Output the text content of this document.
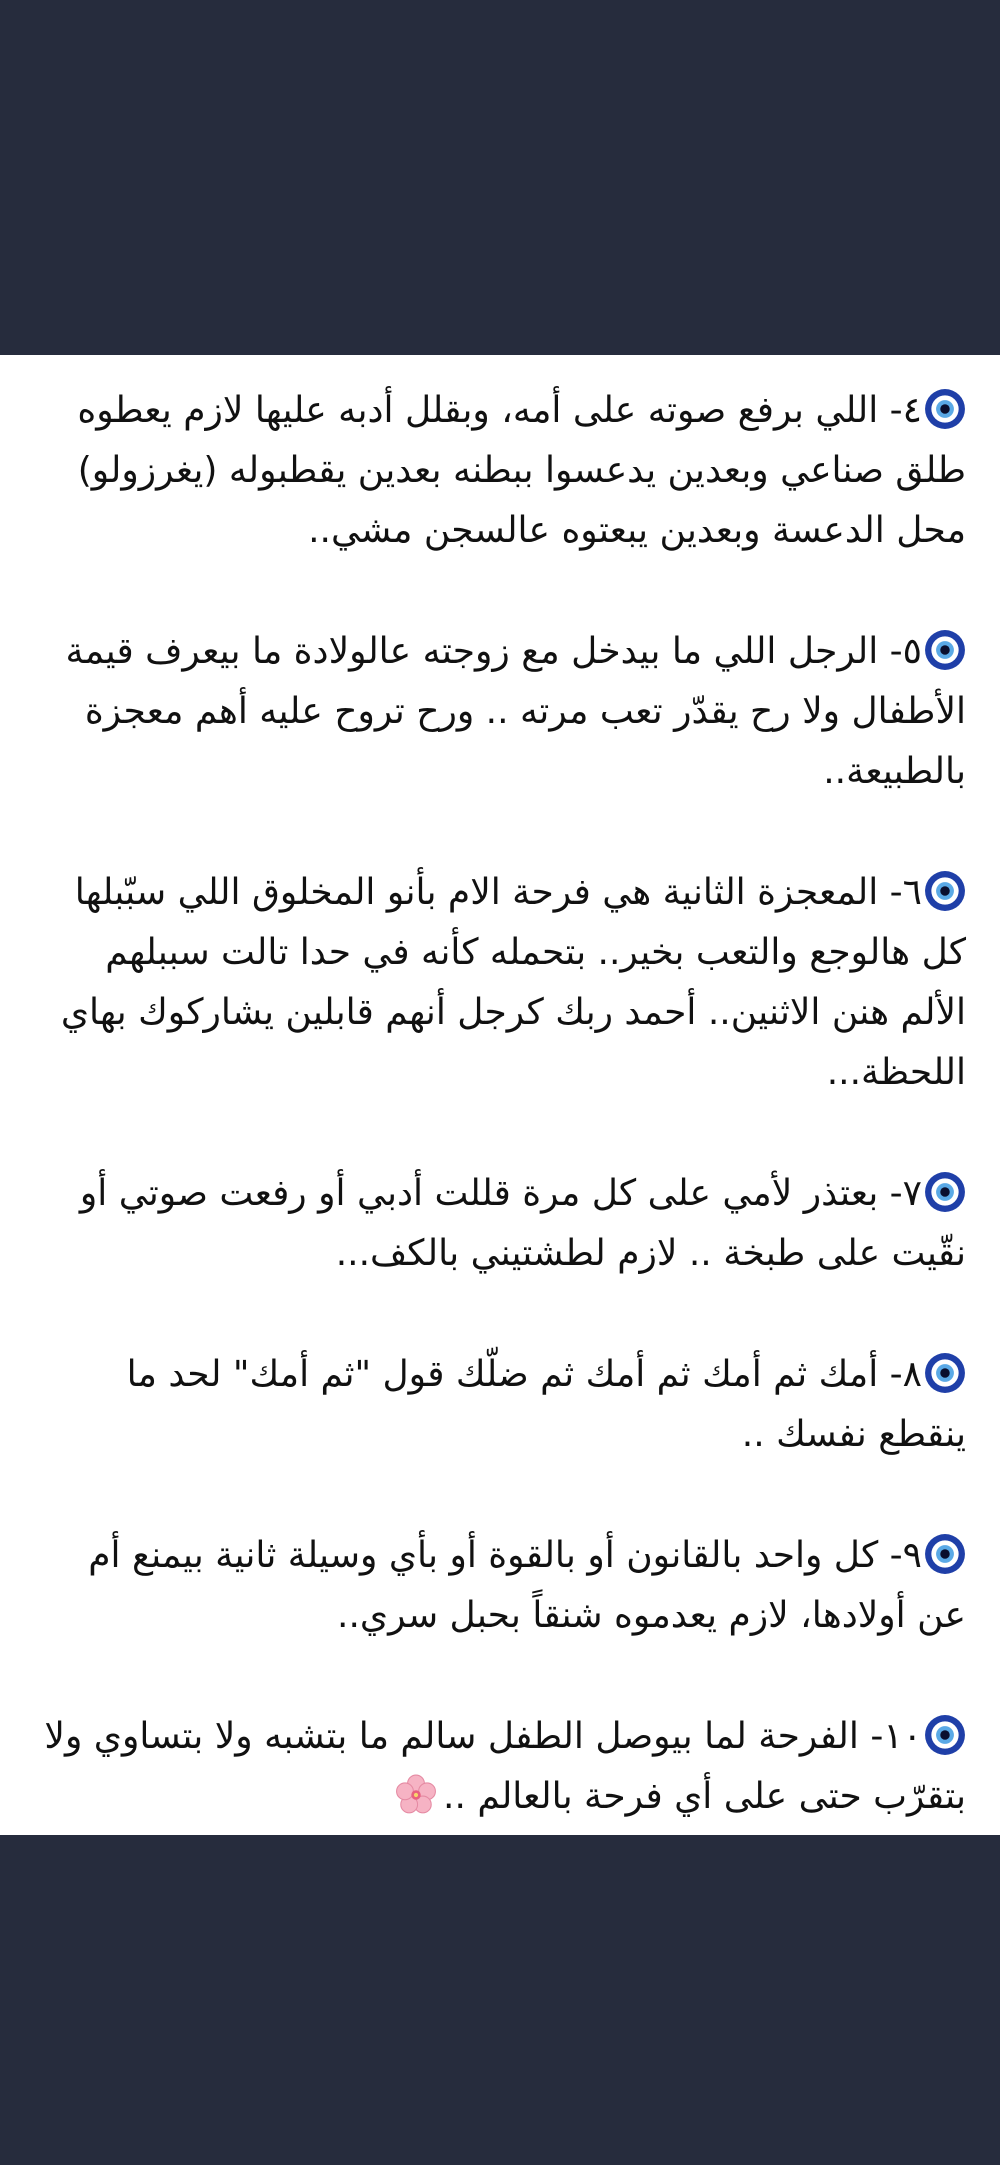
٤- اللي برفع صوته على أمه، وبقلل أدبه عليها لازم يعطوه طلق صناعي وبعدين يدعسوا ببطنه بعدين يقطبوله (يغرزولو) محل الدعسة وبعدين يبعتوه عالسجن مشي..

٥- الرجل اللي ما بيدخل مع زوجته عالولادة ما بيعرف قيمة الأطفال ولا رح يقدّر تعب مرته .. ورح تروح عليه أهم معجزة بالطبيعة..

٦- المعجزة الثانية هي فرحة الام بأنو المخلوق اللي سبّبلها كل هالوجع والتعب بخير.. بتحمله كأنه في حدا تالت سببلهم الألم هنن الاثنين.. أحمد ربك كرجل أنهم قابلين يشاركوك بهاي اللحظة...

٧- بعتذر لأمي على كل مرة قللت أدبي أو رفعت صوتي أو نقّيت على طبخة .. لازم لطشتيني بالكف...

٨- أمك ثم أمك ثم أمك ثم ضلّك قول "ثم أمك" لحد ما ينقطع نفسك ..

٩- كل واحد بالقانون أو بالقوة أو بأي وسيلة ثانية بيمنع أم عن أولادها، لازم يعدموه شنقاً بحبل سري..

١٠- الفرحة لما بيوصل الطفل سالم ما بتشبه ولا بتساوي ولا بتقرّب حتى على أي فرحة بالعالم ..
